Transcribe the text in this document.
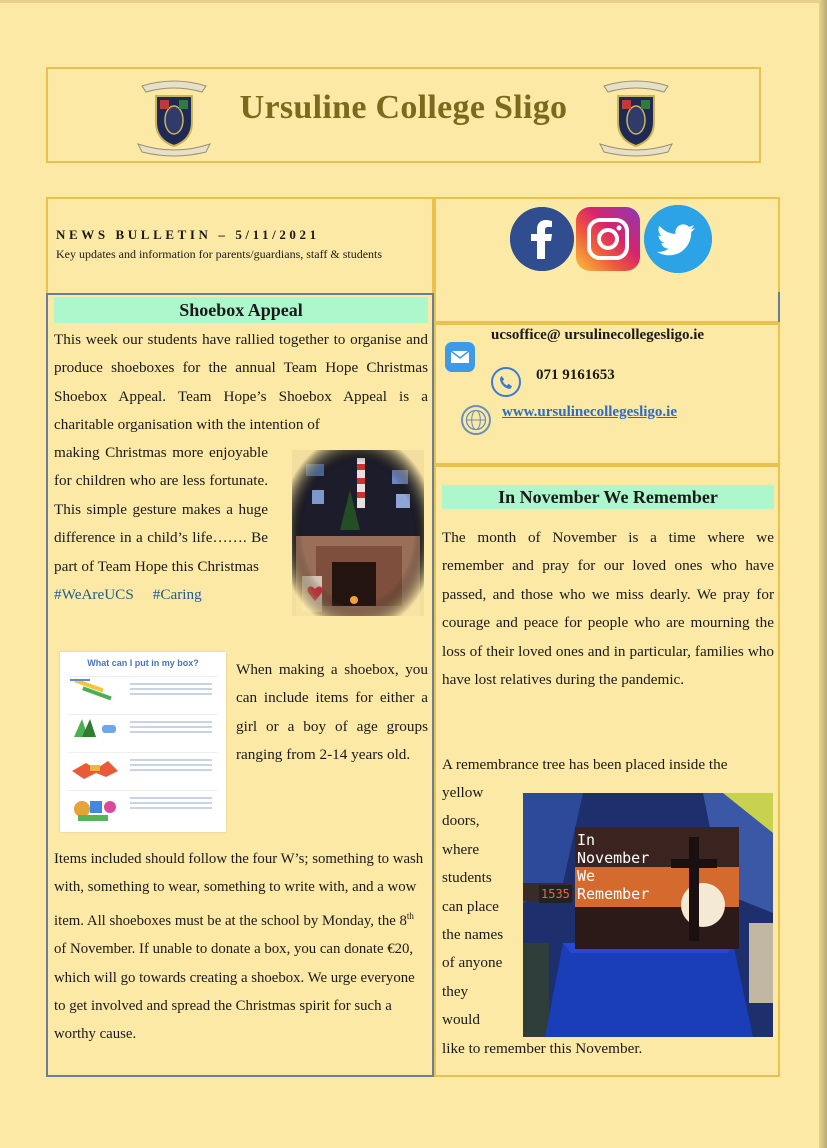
Ursuline College Sligo
NEWS BULLETIN – 5/11/2021
Key updates and information for parents/guardians, staff & students
Shoebox Appeal
This week our students have rallied together to organise and produce shoeboxes for the annual Team Hope Christmas Shoebox Appeal. Team Hope’s Shoebox Appeal is a charitable organisation with the intention of
making Christmas more enjoyable for children who are less fortunate. This simple gesture makes a huge difference in a child’s life……. Be part of Team Hope this Christmas
#WeAreUCS #Caring
What can I put in my box?	When making a shoebox, you can include items for either a girl or a boy of age groups ranging from 2-14 years old.
Items included should follow the four W’s; something to wash with, something to wear, something to write with, and a wow item. All shoeboxes must be at the school by Monday, the 8th of November. If unable to donate a box, you can donate €20, which will go towards creating a shoebox. We urge everyone to get involved and spread the Christmas spirit for such a worthy cause.
ucsoffice@ ursulinecollegesligo.ie
071 9161653
www.ursulinecollegesligo.ie
In November We Remember
The month of November is a time where we remember and pray for our loved ones who have passed, and those who we miss dearly. We pray for courage and peace for people who are mourning the loss of their loved ones and in particular, families who have lost relatives during the pandemic.
A remembrance tree has been placed inside the
yellow
doors,
where
students
can place
the names
of anyone
they
would
like to remember this November.
1535
In
November
We
Remember
